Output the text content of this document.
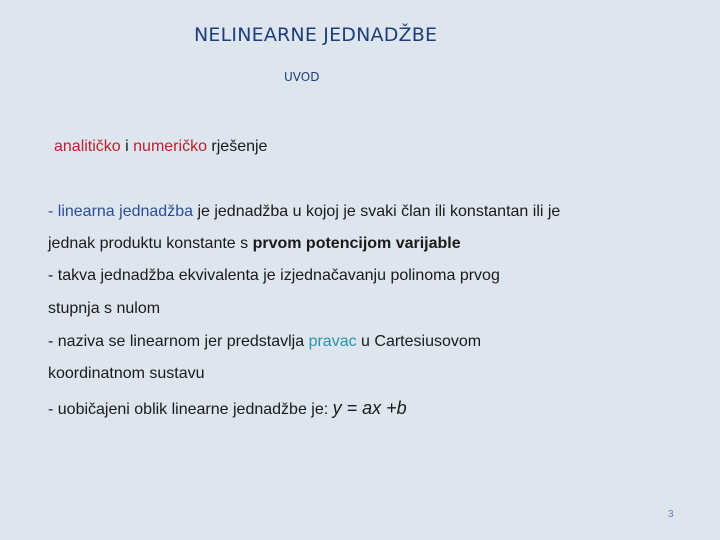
NELINEARNE JEDNADŽBE
UVOD
analitičko i numeričko rješenje
- linearna jednadžba je jednadžba u kojoj je svaki član ili konstantan ili je
jednak produktu konstante s prvom potencijom varijable
- takva jednadžba ekvivalenta je izjednačavanju polinoma prvog
stupnja s nulom
- naziva se linearnom jer predstavlja pravac u Cartesiusovom
koordinatnom sustavu
- uobičajeni oblik linearne jednadžbe je: y = ax +b
3
